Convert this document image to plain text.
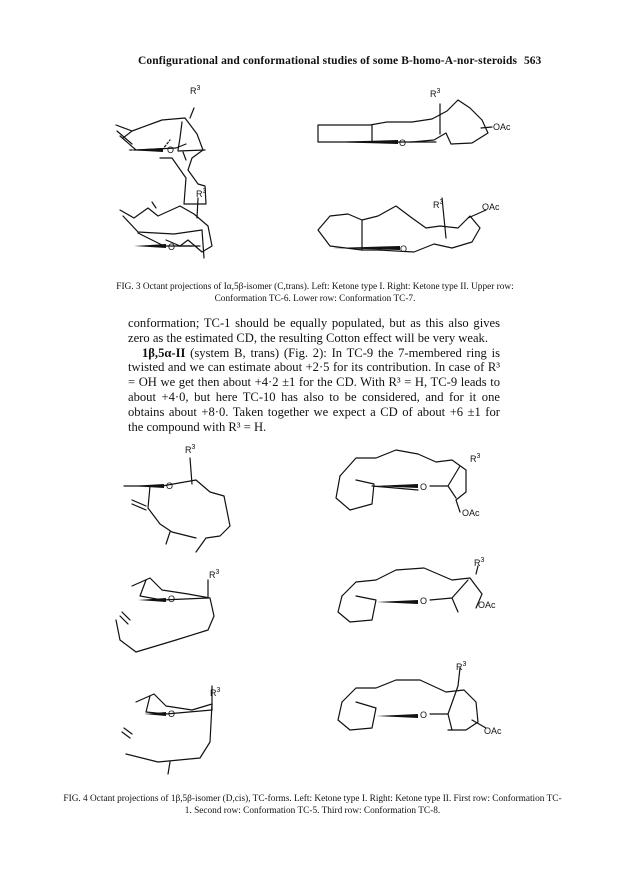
Configurational and conformational studies of some B-homo-A-nor-steroids 563
O
$R^3$
O
$R^3$
OAc
O
$R^3$
O
$R^3$	OAc
FIG. 3 Octant projections of Iα,5β-isomer (C,trans). Left: Ketone type I. Right: Ketone type II. Upper row: Conformation TC-6. Lower row: Conformation TC-7.

conformation; TC-1 should be equally populated, but as this also gives zero as the estimated CD, the resulting Cotton effect will be very weak.

1β,5α-II (system B, trans) (Fig. 2): In TC-9 the 7-membered ring is twisted and we can estimate about +2·5 for its contribution. In case of R³ = OH we get then about +4·2 ±1 for the CD. With R³ = H, TC-9 leads to about +4·0, but here TC-10 has also to be considered, and for it one obtains about +8·0. Taken together we expect a CD of about +6 ±1 for the compound with R³ = H.

O
$R^3$
O
$R^3$
OAc
O
$R^3$
O
$R^3$
OAc
O
$R^3$
O
$R^3$
OAc
FIG. 4 Octant projections of 1β,5β-isomer (D,cis), TC-forms. Left: Ketone type I. Right: Ketone type II. First row: Conformation TC-1. Second row: Conformation TC-5. Third row: Conformation TC-8.
